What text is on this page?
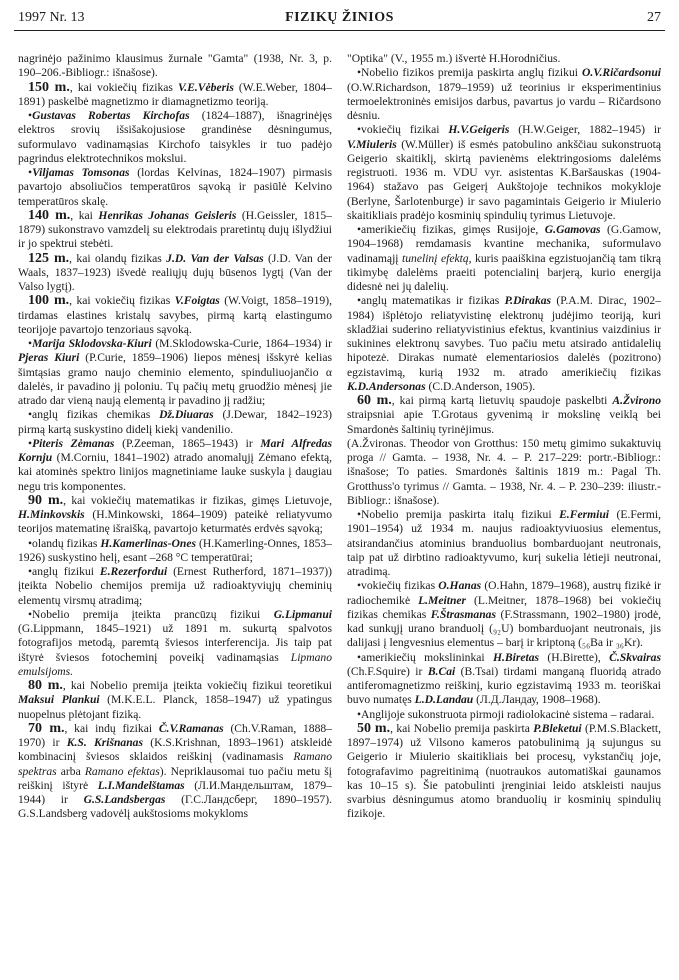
1997 Nr. 13	FIZIKŲ ŽINIOS	27

nagrinėjo pažinimo klausimus žurnale "Gamta" (1938, Nr. 3, p. 190–206.-Bibliogr.: išnašose).

150 m., kai vokiečių fizikas V.E.Vėberis (W.E.Weber, 1804–1891) paskelbė magnetizmo ir diamagnetizmo teoriją.

•Gustavas Robertas Kirchofas (1824–1887), išnagrinėjęs elektros srovių išsišakojusiose grandinėse dėsningumus, suformulavo vadinamąsias Kirchofo taisykles ir tuo padėjo pagrindus elektrotechnikos mokslui.

•Viljamas Tomsonas (lordas Kelvinas, 1824–1907) pirmasis pavartojo absoliučios temperatūros sąvoką ir pasiūlė Kelvino temperatūros skalę.

140 m., kai Henrikas Johanas Geisleris (H.Geissler, 1815–1879) sukonstravo vamzdelį su elektrodais praretintų dujų išlydžiui ir jo spektrui stebėti.

125 m., kai olandų fizikas J.D. Van der Valsas (J.D. Van der Waals, 1837–1923) išvedė realiųjų dujų būsenos lygtį (Van der Valso lygtį).

100 m., kai vokiečių fizikas V.Foigtas (W.Voigt, 1858–1919), tirdamas elastines kristalų savybes, pirmą kartą elastingumo teorijoje pavartojo tenzoriaus sąvoką.

•Marija Sklodovska-Kiuri (M.Sklodowska-Curie, 1864–1934) ir Pjeras Kiuri (P.Curie, 1859–1906) liepos mėnesį išskyrė kelias šimtąsias gramo naujo cheminio elemento, spinduliuojančio α dalelės, ir pavadino jį poloniu. Tų pačių metų gruodžio mėnesį jie atrado dar vieną naują elementą ir pavadino jį radžiu;

•anglų fizikas chemikas Dž.Diuaras (J.Dewar, 1842–1923) pirmą kartą suskystino didelį kiekį vandenilio.

•Piteris Zėmanas (P.Zeeman, 1865–1943) ir Mari Alfredas Kornju (M.Corniu, 1841–1902) atrado anomalųjį Zėmano efektą, kai atominės spektro linijos magnetiniame lauke suskyla į daugiau negu tris komponentes.

90 m., kai vokiečių matematikas ir fizikas, gimęs Lietuvoje, H.Minkovskis (H.Minkowski, 1864–1909) pateikė reliatyvumo teorijos matematinę išraišką, pavartojo keturmatės erdvės sąvoką;

•olandų fizikas H.Kamerlinas-Ones (H.Kamerling-Onnes, 1853–1926) suskystino helį, esant –268 °C temperatūrai;

•anglų fizikui E.Rezerfordui (Ernest Rutherford, 1871–1937)) įteikta Nobelio chemijos premija už radioaktyviųjų cheminių elementų virsmų atradimą;

•Nobelio premija įteikta prancūzų fizikui G.Lipmanui (G.Lippmann, 1845–1921) už 1891 m. sukurtą spalvotos fotografijos metodą, paremtą šviesos interferencija. Jis taip pat ištyrė šviesos fotocheminį poveikį vadinamąsias Lipmano emulsijoms.

80 m., kai Nobelio premija įteikta vokiečių fizikui teoretikui Maksui Plankui (M.K.E.L. Planck, 1858–1947) už ypatingus nuopelnus plėtojant fiziką.

70 m., kai indų fizikai Č.V.Ramanas (Ch.V.Raman, 1888–1970) ir K.S. Krišnanas (K.S.Krishnan, 1893–1961) atskleidė kombinacinį šviesos sklaidos reiškinį (vadinamasis Ramano spektras arba Ramano efektas). Nepriklausomai tuo pačiu metu šį reiškinį ištyrė L.I.Mandelštamas (Л.И.Мандельштам, 1879–1944) ir G.S.Landsbergas (Г.С.Ландсберг, 1890–1957). G.S.Landsberg vadovėlį aukštosioms mokykloms

"Optika" (V., 1955 m.) išvertė H.Horodničius.

•Nobelio fizikos premija paskirta anglų fizikui O.V.Ričardsonui (O.W.Richardson, 1879–1959) už teorinius ir eksperimentinius termoelektroninės emisijos darbus, pavartus jo vardu – Ričardsono dėsniu.

•vokiečių fizikai H.V.Geigeris (H.W.Geiger, 1882–1945) ir V.Miuleris (W.Müller) iš esmės patobulino ankščiau sukonstruotą Geigerio skaitiklį, skirtą pavienėms elektringosioms dalelėms registruoti. 1936 m. VDU vyr. asistentas K.Baršauskas (1904-1964) stažavo pas Geigerį Aukštojoje technikos mokykloje (Berlyne, Šarlotenburge) ir savo pagamintais Geigerio ir Miulerio skaitikliais pradėjo kosminių spindulių tyrimus Lietuvoje.

•amerikiečių fizikas, gimęs Rusijoje, G.Gamovas (G.Gamow, 1904–1968) remdamasis kvantine mechanika, suformulavo vadinamąjį tunelinį efektą, kuris paaiškina egzistuojančią tam tikrą tikimybę dalelėms praeiti potencialinį barjerą, kurio energija didesnė nei jų dalelių.

•anglų matematikas ir fizikas P.Dirakas (P.A.M. Dirac, 1902–1984) išplėtojo reliatyvistinę elektronų judėjimo teoriją, kuri skladžiai suderino reliatyvistinius efektus, kvantinius vaizdinius ir sukinines elektronų savybes. Tuo pačiu metu atsirado antidalelių hipotezė. Dirakas numatė elementariosios dalelės (pozitrono) egzistavimą, kurią 1932 m. atrado amerikiečių fizikas K.D.Andersonas (C.D.Anderson, 1905).

60 m., kai pirmą kartą lietuvių spaudoje paskelbti A.Žvirono straipsniai apie T.Grotaus gyvenimą ir mokslinę veiklą bei Smardonės šaltinių tyrinėjimus.
(A.Žvironas. Theodor von Grotthus: 150 metų gimimo sukaktuvių proga // Gamta. – 1938, Nr. 4. – P. 217–229: portr.-Bibliogr.: išnašose; To paties. Smardonės šaltinis 1819 m.: Pagal Th. Grotthuss'o tyrimus // Gamta. – 1938, Nr. 4. – P. 230–239: iliustr.-Bibliogr.: išnašose).

•Nobelio premija paskirta italų fizikui E.Fermiui (E.Fermi, 1901–1954) už 1934 m. naujus radioaktyviuosius elementus, atsirandančius atominius branduolius bombarduojant neutronais, taip pat už dirbtino radioaktyvumo, kurį sukelia lėtieji neutronai, atradimą.

•vokiečių fizikas O.Hanas (O.Hahn, 1879–1968), austrų fizikė ir radiochemikė L.Meitner (L.Meitner, 1878–1968) bei vokiečių fizikas chemikas F.Štrasmanas (F.Strassmann, 1902–1980) įrodė, kad sunkųjį urano branduolį (₉₂U) bombarduojant neutronais, jis dalijasi į lengvesnius elementus – barį ir kriptoną (₅₆Ba ir ₃₆Kr).

•amerikiečių mokslininkai H.Biretas (H.Birette), Č.Skvairas (Ch.F.Squire) ir B.Cai (B.Tsai) tirdami manganą fluoridą atrado antiferomagnetizmo reiškinį, kurio egzistavimą 1933 m. teoriškai buvo numatęs L.D.Landau (Л.Д.Ландау, 1908–1968).

•Anglijoje sukonstruota pirmoji radiolokacinė sistema – radarai.

50 m., kai Nobelio premija paskirta P.Bleketui (P.M.S.Blackett, 1897–1974) už Vilsono kameros patobulinimą ją sujungus su Geigerio ir Miulerio skaitikliais bei procesų, vykstančių joje, fotografavimo pagreitinimą (nuotraukos automatiškai gaunamos kas 10–15 s). Šie patobulinti įrenginiai leido atskleisti naujus svarbius dėsningumus atomo branduolių ir kosminių spindulių fizikoje.
